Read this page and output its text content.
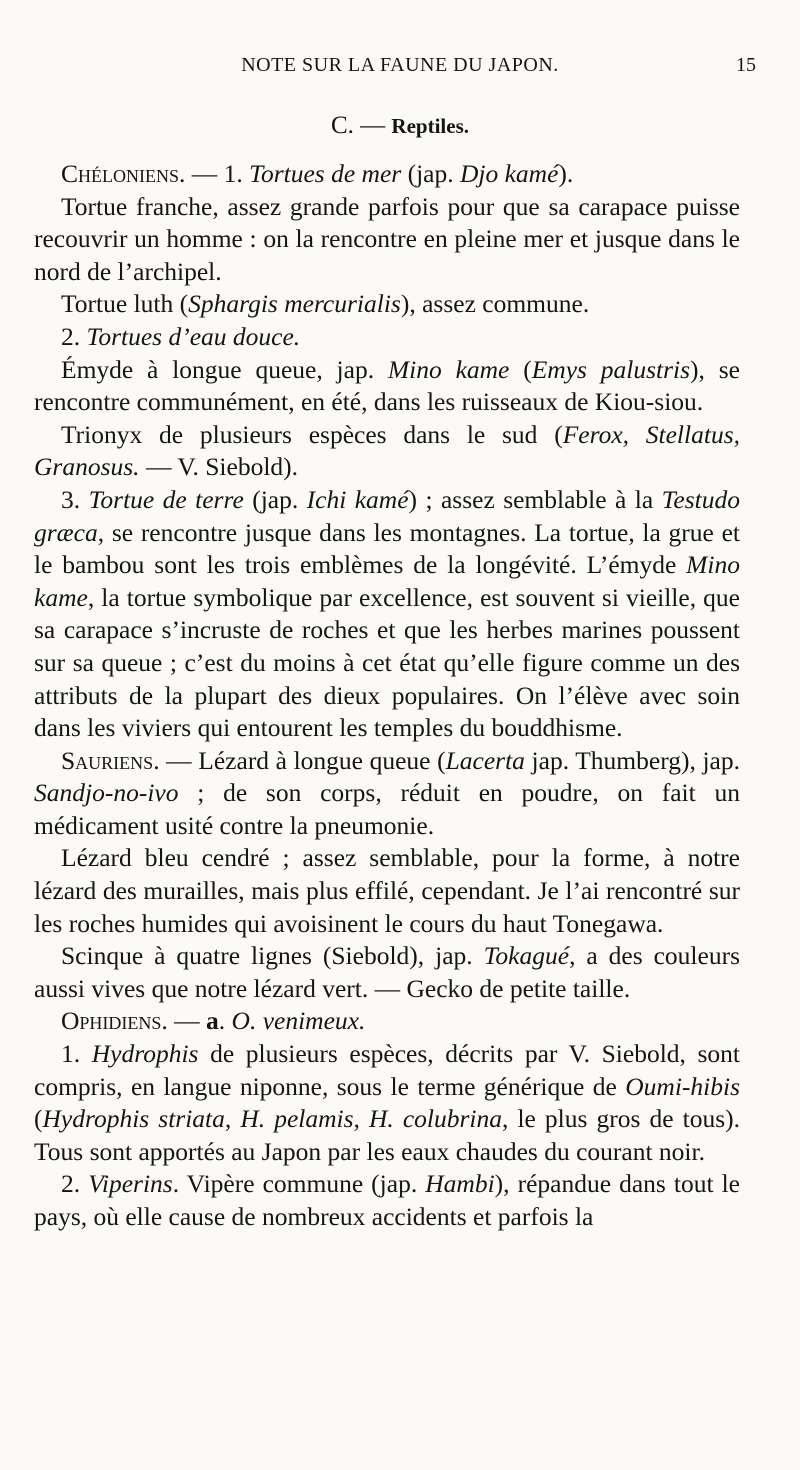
NOTE SUR LA FAUNE DU JAPON.	15
C. — Reptiles.

Chéloniens. — 1. Tortues de mer (jap. Djo kamé).

Tortue franche, assez grande parfois pour que sa carapace puisse recouvrir un homme : on la rencontre en pleine mer et jusque dans le nord de l’archipel.

Tortue luth (Sphargis mercurialis), assez commune.

2. Tortues d’eau douce.

Émyde à longue queue, jap. Mino kame (Emys palustris), se rencontre communément, en été, dans les ruisseaux de Kiou-siou.

Trionyx de plusieurs espèces dans le sud (Ferox, Stellatus, Granosus. — V. Siebold).

3. Tortue de terre (jap. Ichi kamé) ; assez semblable à la Testudo græca, se rencontre jusque dans les montagnes. La tortue, la grue et le bambou sont les trois emblèmes de la longévité. L’émyde Mino kame, la tortue symbolique par excellence, est souvent si vieille, que sa carapace s’incruste de roches et que les herbes marines poussent sur sa queue ; c’est du moins à cet état qu’elle figure comme un des attributs de la plupart des dieux populaires. On l’élève avec soin dans les viviers qui entourent les temples du bouddhisme.

Sauriens. — Lézard à longue queue (Lacerta jap. Thumberg), jap. Sandjo-no-ivo ; de son corps, réduit en poudre, on fait un médicament usité contre la pneumonie.

Lézard bleu cendré ; assez semblable, pour la forme, à notre lézard des murailles, mais plus effilé, cependant. Je l’ai rencontré sur les roches humides qui avoisinent le cours du haut Tonegawa.

Scinque à quatre lignes (Siebold), jap. Tokagué, a des couleurs aussi vives que notre lézard vert. — Gecko de petite taille.

Ophidiens. — a. O. venimeux.

1. Hydrophis de plusieurs espèces, décrits par V. Siebold, sont compris, en langue niponne, sous le terme générique de Oumi-hibis (Hydrophis striata, H. pelamis, H. colubrina, le plus gros de tous). Tous sont apportés au Japon par les eaux chaudes du courant noir.

2. Viperins. Vipère commune (jap. Hambi), répandue dans tout le pays, où elle cause de nombreux accidents et parfois la
